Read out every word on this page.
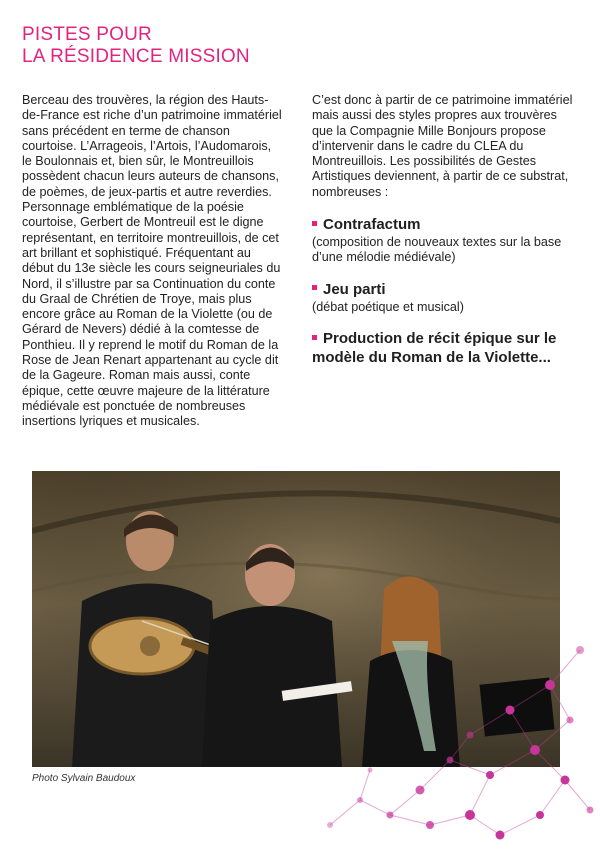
PISTES POUR
LA RÉSIDENCE MISSION

Berceau des trouvères, la région des Hauts-de-France est riche d’un patrimoine immatériel sans précédent en terme de chanson courtoise. L’Arrageois, l’Artois, l’Audomarois, le Boulonnais et, bien sûr, le Montreuillois possèdent chacun leurs auteurs de chansons, de poèmes, de jeux-partis et autre reverdies. Personnage emblématique de la poésie courtoise, Gerbert de Montreuil est le digne représentant, en territoire montreuillois, de cet art brillant et sophistiqué. Fréquentant au début du 13e siècle les cours seigneuriales du Nord, il s’illustre par sa Continuation du conte du Graal de Chrétien de Troye, mais plus encore grâce au Roman de la Violette (ou de Gérard de Nevers) dédié à la comtesse de Ponthieu. Il y reprend le motif du Roman de la Rose de Jean Renart appartenant au cycle dit de la Gageure. Roman mais aussi, conte épique, cette œuvre majeure de la littérature médiévale est ponctuée de nombreuses insertions lyriques et musicales.

C’est donc à partir de ce patrimoine immatériel mais aussi des styles propres aux trouvères que la Compagnie Mille Bonjours propose d’intervenir dans le cadre du CLEA du Montreuillois. Les possibilités de Gestes Artistiques deviennent, à partir de ce substrat, nombreuses :

Contrafactum
(composition de nouveaux textes sur la base d’une mélodie médiévale)
Jeu parti
(débat poétique et musical)
Production de récit épique sur le modèle du Roman de la Violette...
Photo Sylvain Baudoux
